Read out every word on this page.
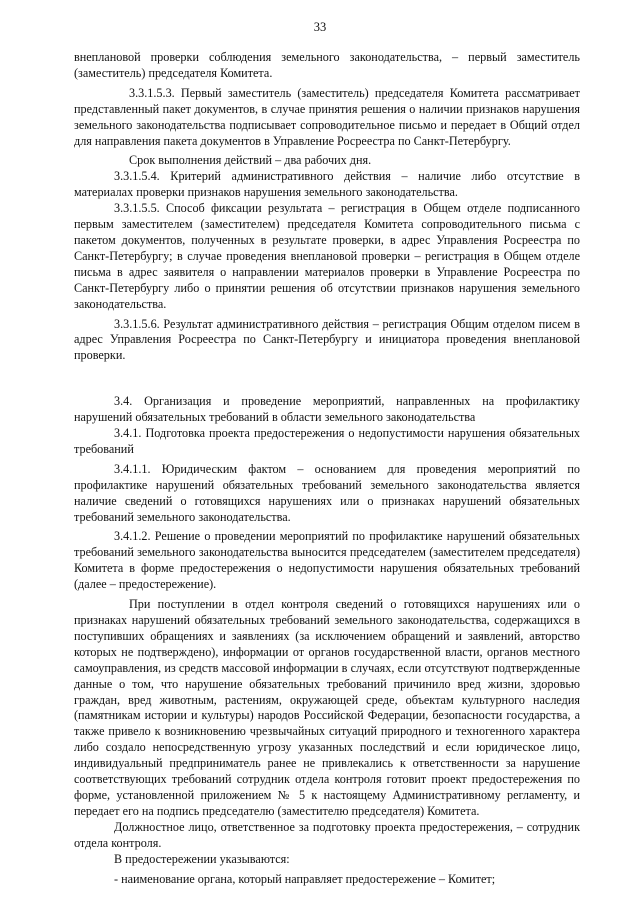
33

внеплановой проверки соблюдения земельного законодательства, – первый заместитель (заместитель) председателя Комитета.

3.3.1.5.3. Первый заместитель (заместитель) председателя Комитета рассматривает представленный пакет документов, в случае принятия решения о наличии признаков нарушения земельного законодательства подписывает сопроводительное письмо и передает в Общий отдел для направления пакета документов в Управление Росреестра по Санкт-Петербургу.

Срок выполнения действий – два рабочих дня.

3.3.1.5.4. Критерий административного действия – наличие либо отсутствие в материалах проверки признаков нарушения земельного законодательства.

3.3.1.5.5. Способ фиксации результата – регистрация в Общем отделе подписанного первым заместителем (заместителем) председателя Комитета сопроводительного письма с пакетом документов, полученных в результате проверки, в адрес Управления Росреестра по Санкт-Петербургу; в случае проведения внеплановой проверки – регистрация в Общем отделе письма в адрес заявителя о направлении материалов проверки в Управление Росреестра по Санкт-Петербургу либо о принятии решения об отсутствии признаков нарушения земельного законодательства.

3.3.1.5.6. Результат административного действия – регистрация Общим отделом писем в адрес Управления Росреестра по Санкт-Петербургу и инициатора проведения внеплановой проверки.

3.4. Организация и проведение мероприятий, направленных на профилактику нарушений обязательных требований в области земельного законодательства

3.4.1. Подготовка проекта предостережения о недопустимости нарушения обязательных требований

3.4.1.1. Юридическим фактом – основанием для проведения мероприятий по профилактике нарушений обязательных требований земельного законодательства является наличие сведений о готовящихся нарушениях или о признаках нарушений обязательных требований земельного законодательства.

3.4.1.2. Решение о проведении мероприятий по профилактике нарушений обязательных требований земельного законодательства выносится председателем (заместителем председателя) Комитета в форме предостережения о недопустимости нарушения обязательных требований (далее – предостережение).

При поступлении в отдел контроля сведений о готовящихся нарушениях или о признаках нарушений обязательных требований земельного законодательства, содержащихся в поступивших обращениях и заявлениях (за исключением обращений и заявлений, авторство которых не подтверждено), информации от органов государственной власти, органов местного самоуправления, из средств массовой информации в случаях, если отсутствуют подтвержденные данные о том, что нарушение обязательных требований причинило вред жизни, здоровью граждан, вред животным, растениям, окружающей среде, объектам культурного наследия (памятникам истории и культуры) народов Российской Федерации, безопасности государства, а также привело к возникновению чрезвычайных ситуаций природного и техногенного характера либо создало непосредственную угрозу указанных последствий и если юридическое лицо, индивидуальный предприниматель ранее не привлекались к ответственности за нарушение соответствующих требований сотрудник отдела контроля готовит проект предостережения по форме, установленной приложением № 5 к настоящему Административному регламенту, и передает его на подпись председателю (заместителю председателя) Комитета.

Должностное лицо, ответственное за подготовку проекта предостережения, – сотрудник отдела контроля.

В предостережении указываются:

- наименование органа, который направляет предостережение – Комитет;
